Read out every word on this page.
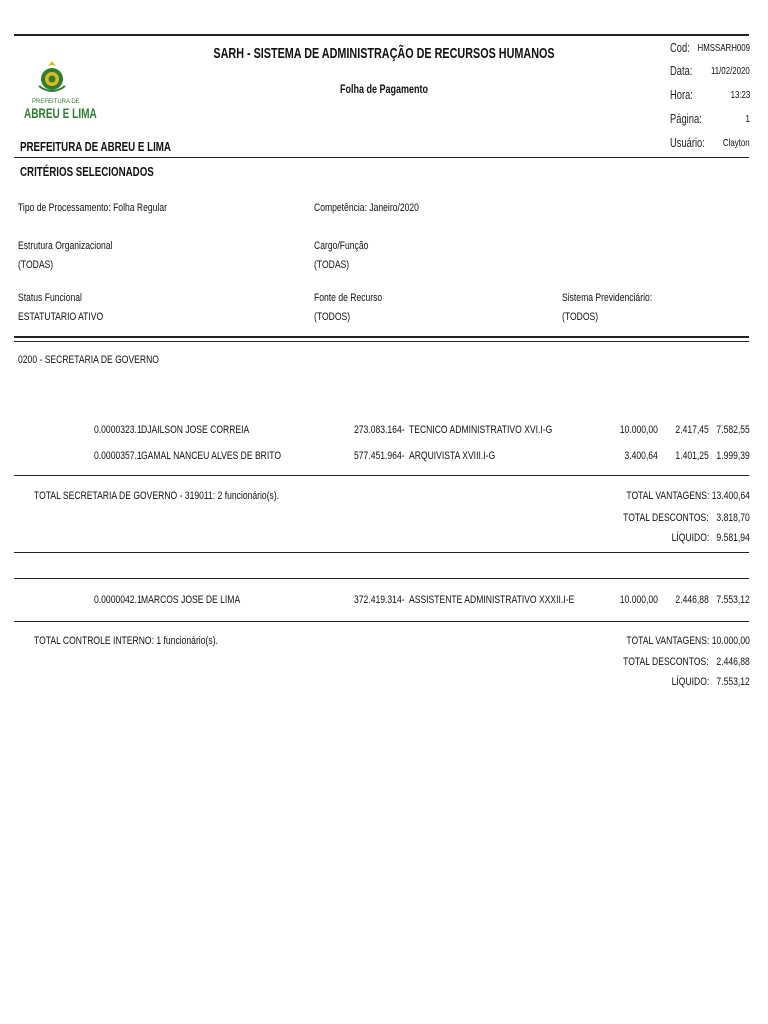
PREFEITURA DE
ABREU E LIMA
SARH - SISTEMA DE ADMINISTRAÇÃO DE RECURSOS HUMANOS
Folha de Pagamento
PREFEITURA DE ABREU E LIMA
Cod: HMSSARH009
Data: 11/02/2020
Hora:	13:23
Página:	1
Usuário: Clayton
CRITÉRIOS SELECIONADOS
Tipo de Processamento: Folha Regular	Competência: Janeiro/2020
Estrutura Organizacional
(TODAS)
Cargo/Função
(TODAS)
Status Funcional
ESTATUTARIO ATIVO
Fonte de Recurso
(TODOS)
Sistema Previdenciário:
(TODOS)
0200 - SECRETARIA DE GOVERNO
0.0000323.1 DJAILSON JOSE CORREIA	273.083.164- TECNICO ADMINISTRATIVO XVI.I-G	10.000,00 2.417,45 7.582,55
0.0000357.1 GAMAL NANCEU ALVES DE BRITO	577.451.964- ARQUIVISTA XVIII.I-G	3.400,64 1.401,25 1.999,39
TOTAL SECRETARIA DE GOVERNO - 319011: 2 funcionário(s).	TOTAL VANTAGENS: 13.400,64
TOTAL DESCONTOS: 3.818,70
LÍQUIDO: 9.581,94
0.0000042.1 MARCOS JOSE DE LIMA	372.419.314- ASSISTENTE ADMINISTRATIVO XXXII.I-E	10.000,00 2.446,88 7.553,12
TOTAL CONTROLE INTERNO: 1 funcionário(s).	TOTAL VANTAGENS: 10.000,00
TOTAL DESCONTOS: 2.446,88
LÍQUIDO: 7.553,12
